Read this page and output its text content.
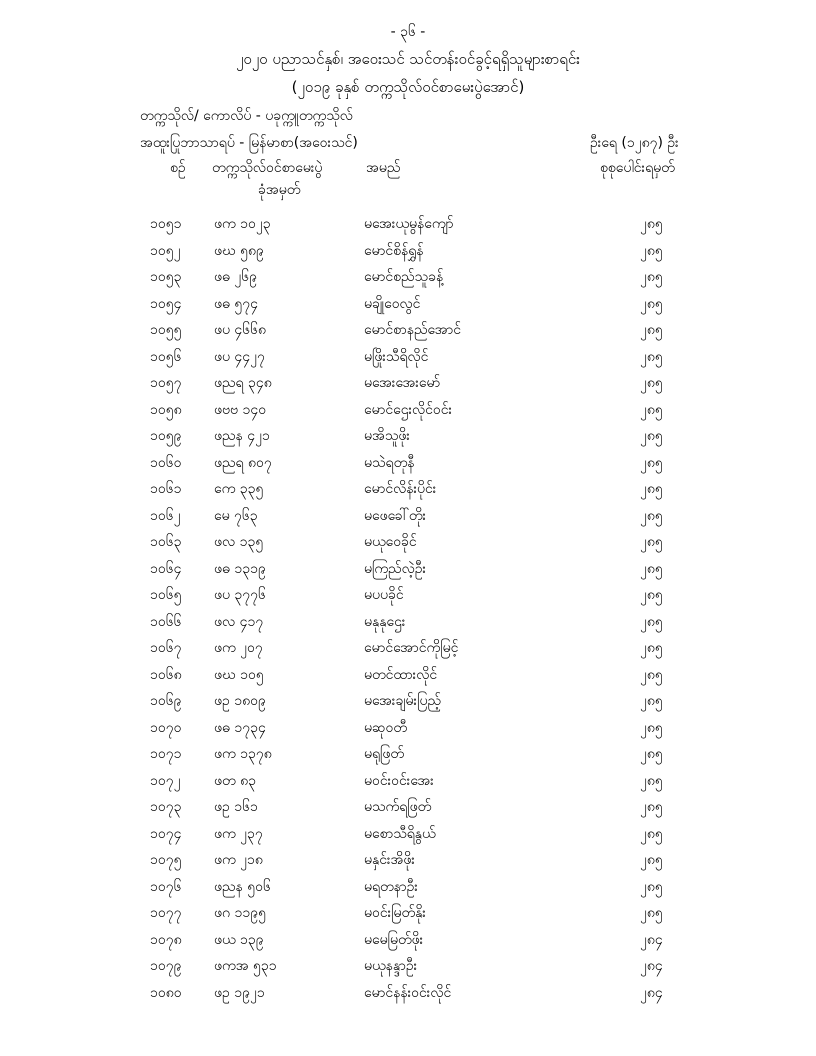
- ၃၆ -
၂၀၂၀ ပညာသင်နှစ်၊ အဝေးသင် သင်တန်းဝင်ခွင့်ရရှိသူများစာရင်း
(၂၀၁၉ ခုနှစ် တက္ကသိုလ်ဝင်စာမေးပွဲအောင်)
တက္ကသိုလ်/ ကောလိပ် - ပခုက္ကူတက္ကသိုလ်
အထူးပြုဘာသာရပ် - မြန်မာစာ(အဝေးသင်)	ဦးရေ (၁၂၈၇) ဦး
စဉ် တက္ကသိုလ်ဝင်စာမေးပွဲ
ခုံအမှတ်
အမည်	စုစုပေါင်းရမှတ်
၁၀၅၁ ဖက ၁၀၂၃	မအေးယုမွန်ကျော်	၂၈၅
၁၀၅၂ ဖဃ ၅၈၉	မောင်စိန်ရွှန်	၂၈၅
၁၀၅၃ ဖဓ ၂၆၉	မောင်စည်သူခန့်	၂၈၅
၁၀၅၄ ဖဓ ၅၇၄	မချိုဝေလွင်	၂၈၅
၁၀၅၅ ဖပ ၄၆၆၈	မောင်စာနည်အောင်	၂၈၅
၁၀၅၆ ဖပ ၄၄၂၇	မဖြိုးသီရိလိုင်	၂၈၅
၁၀၅၇ ဖညရ ၃၄၈	မအေးအေးမော်	၂၈၅
၁၀၅၈ ဖဗဗ ၁၄၀	မောင်ဌေးလိုင်ဝင်း	၂၈၅
၁၀၅၉ ဖညန ၄၂၁	မအိသူဖိုး	၂၈၅
၁၀၆၀ ဖညရ ၈၀၇	မသဲရတုနီ	၂၈၅
၁၀၆၁ ကေ ၃၃၅	မောင်လိန်းပိုင်း	၂၈၅
၁၀၆၂ မေ ၇၆၃	မဖေခေါ်တိုး	၂၈၅
၁၀၆၃ ဖလ ၁၃၅	မယုဝေခိုင်	၂၈၅
၁၀၆၄ ဖဓ ၁၃၁၉	မကြည်လဲ့ဦး	၂၈၅
၁၀၆၅ ဖပ ၃၇၇၆	မပပခိုင်	၂၈၅
၁၀၆၆ ဖလ ၄၁၇	မနုနုဌေး	၂၈၅
၁၀၆၇ ဖက ၂၀၇	မောင်အောင်ကိုမြင့်	၂၈၅
၁၀၆၈ ဖဃ ၁၀၅	မတင်ထားလိုင်	၂၈၅
၁၀၆၉ ဖဥ ၁၈၀၉	မအေးချမ်းပြည့်	၂၈၅
၁၀၇၀ ဖဓ ၁၇၃၄	မဆုဝတီ	၂၈၅
၁၀၇၁ ဖက ၁၃၇၈	မရုဖြတ်	၂၈၅
၁၀၇၂ ဖတ ၈၃	မဝင်းဝင်းအေး	၂၈၅
၁၀၇၃ ဖဥ ၁၆၁	မသက်ရဖြတ်	၂၈၅
၁၀၇၄ ဖက ၂၃၇	မစောသီရိနွယ်	၂၈၅
၁၀၇၅ ဖက ၂၁၈	မနှင်းအိဖိုး	၂၈၅
၁၀၇၆ ဖညန ၅၀၆	မရတနာဦး	၂၈၅
၁၀၇၇ ဖဂ ၁၁၉၅	မဝင်းမြတ်နိုး	၂၈၅
၁၀၇၈ ဖယ ၁၃၉	မမေမြတ်ဖိုး	၂၈၄
၁၀၇၉ ဖကအ ၅၃၁	မယုနန္ဒာဦး	၂၈၄
၁၀၈၀ ဖဥ ၁၉၂၁	မောင်နန်းဝင်းလိုင်	၂၈၄
